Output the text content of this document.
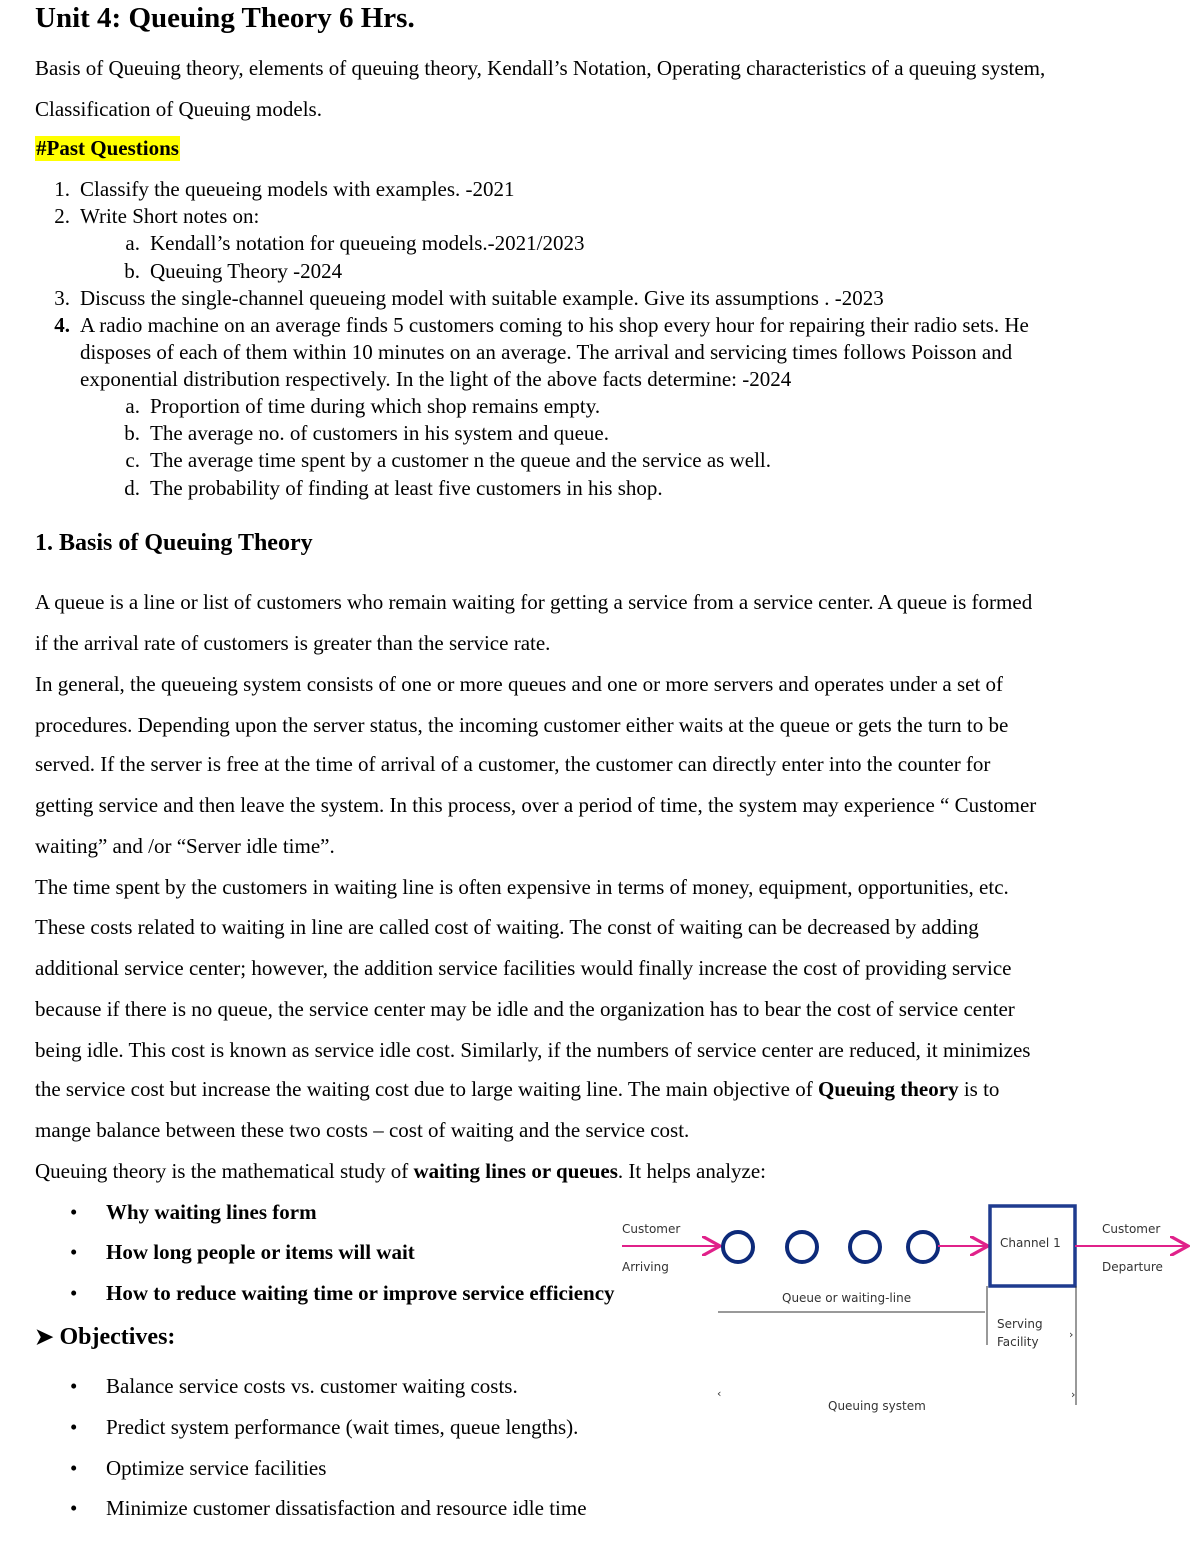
Unit 4: Queuing Theory 6 Hrs.
Basis of Queuing theory, elements of queuing theory, Kendall’s Notation, Operating characteristics of a queuing system,
Classification of Queuing models.
#Past Questions
1. Classify the queueing models with examples. -2021
2. Write Short notes on:
a. Kendall’s notation for queueing models.-2021/2023
b. Queuing Theory -2024
3. Discuss the single-channel queueing model with suitable example. Give its assumptions . -2023
4. A radio machine on an average finds 5 customers coming to his shop every hour for repairing their radio sets. He
disposes of each of them within 10 minutes on an average. The arrival and servicing times follows Poisson and
exponential distribution respectively. In the light of the above facts determine: -2024
a. Proportion of time during which shop remains empty.
b. The average no. of customers in his system and queue.
c. The average time spent by a customer n the queue and the service as well.
d. The probability of finding at least five customers in his shop.
1. Basis of Queuing Theory
A queue is a line or list of customers who remain waiting for getting a service from a service center. A queue is formed
if the arrival rate of customers is greater than the service rate.
In general, the queueing system consists of one or more queues and one or more servers and operates under a set of
procedures. Depending upon the server status, the incoming customer either waits at the queue or gets the turn to be
served. If the server is free at the time of arrival of a customer, the customer can directly enter into the counter for
getting service and then leave the system. In this process, over a period of time, the system may experience “ Customer
waiting” and /or “Server idle time”.
The time spent by the customers in waiting line is often expensive in terms of money, equipment, opportunities, etc.
These costs related to waiting in line are called cost of waiting. The const of waiting can be decreased by adding
additional service center; however, the addition service facilities would finally increase the cost of providing service
because if there is no queue, the service center may be idle and the organization has to bear the cost of service center
being idle. This cost is known as service idle cost. Similarly, if the numbers of service center are reduced, it minimizes
the service cost but increase the waiting cost due to large waiting line. The main objective of Queuing theory is to
mange balance between these two costs – cost of waiting and the service cost.
Queuing theory is the mathematical study of waiting lines or queues. It helps analyze:
• Why waiting lines form
• How long people or items will wait
• How to reduce waiting time or improve service efficiency
➤ Objectives:
• Balance service costs vs. customer waiting costs.
• Predict system performance (wait times, queue lengths).
• Optimize service facilities
• Minimize customer dissatisfaction and resource idle time
Customer
Arriving
Channel 1
Customer
Departure
Queue or waiting-line
Serving
Facility
›
‹	›
Queuing system
